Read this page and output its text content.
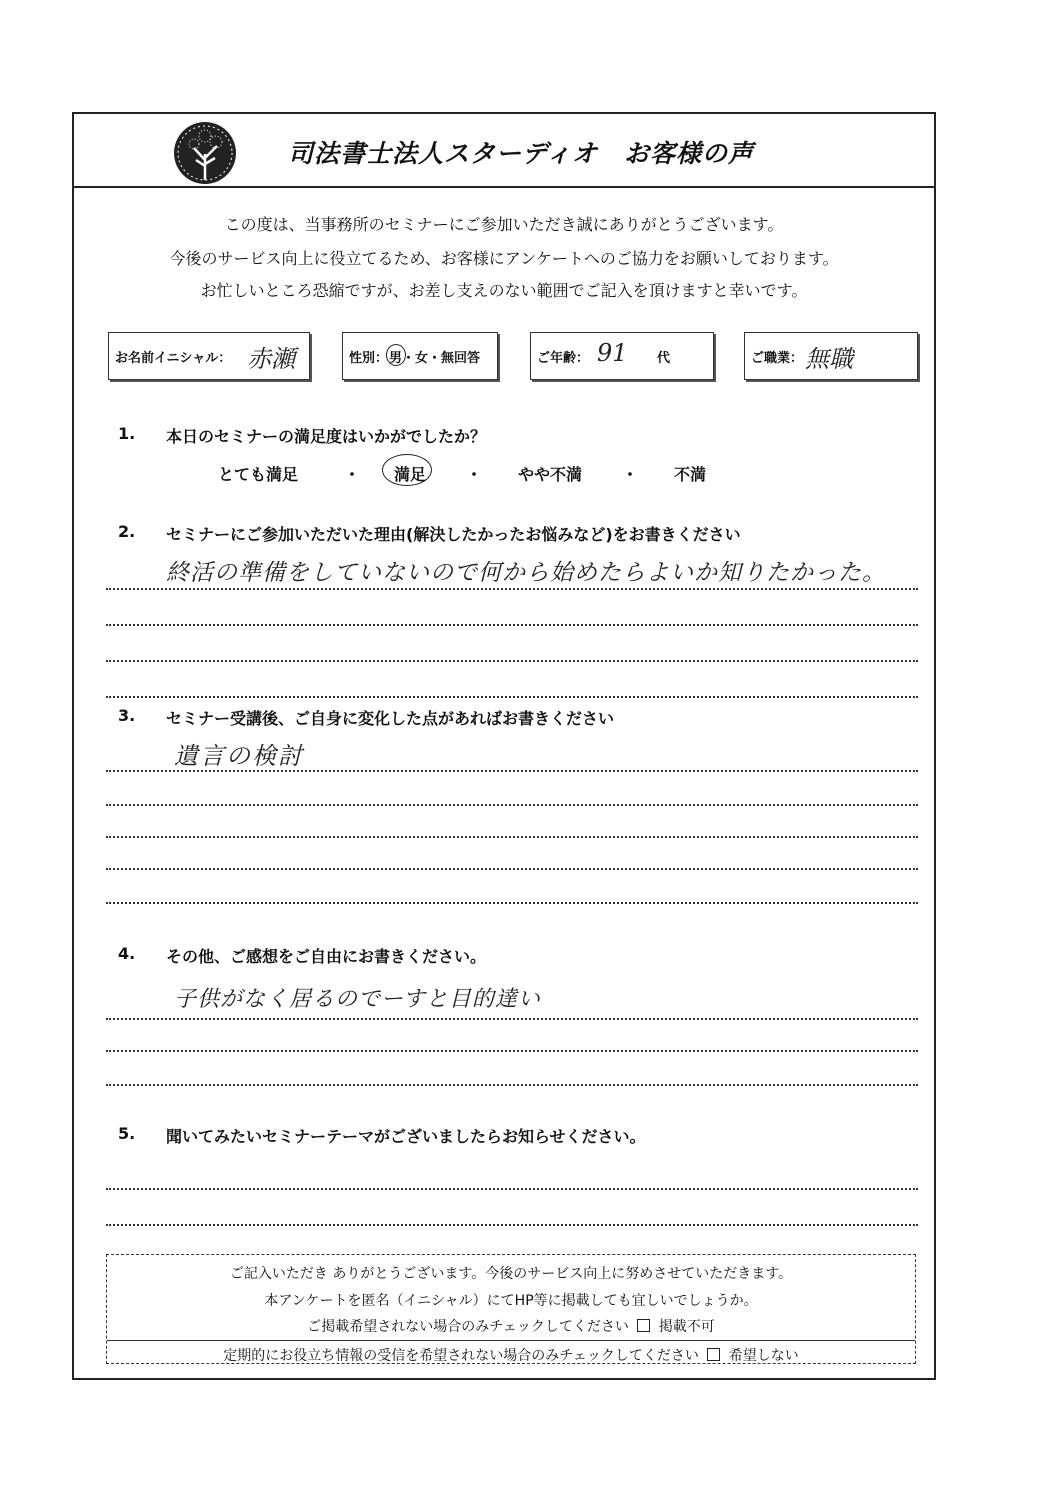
司法書士法人スターディオ　お客様の声
この度は、当事務所のセミナーにご参加いただき誠にありがとうございます。
今後のサービス向上に役立てるため、お客様にアンケートへのご協力をお願いしております。
お忙しいところ恐縮ですが、お差し支えのない範囲でご記入を頂けますと幸いです。
お名前イニシャル： 赤瀬	性別： 男・女・無回答	ご年齢： 91 代	ご職業： 無職
1. 本日のセミナーの満足度はいかがでしたか？
とても満足	・ 満足 ・ やや不満 ・ 不満
2. セミナーにご参加いただいた理由(解決したかったお悩みなど)をお書きください
終活の準備をしていないので何から始めたらよいか知りたかった。
3. セミナー受講後、ご自身に変化した点があればお書きください
遺言の検討
4. その他、ご感想をご自由にお書きください。
子供がなく居るのでーすと目的達い
5. 聞いてみたいセミナーテーマがございましたらお知らせください。
ご記入いただき ありがとうございます。今後のサービス向上に努めさせていただきます。
本アンケートを匿名（イニシャル）にてHP等に掲載しても宜しいでしょうか。
ご掲載希望されない場合のみチェックしてください 掲載不可
定期的にお役立ち情報の受信を希望されない場合のみチェックしてください 希望しない
